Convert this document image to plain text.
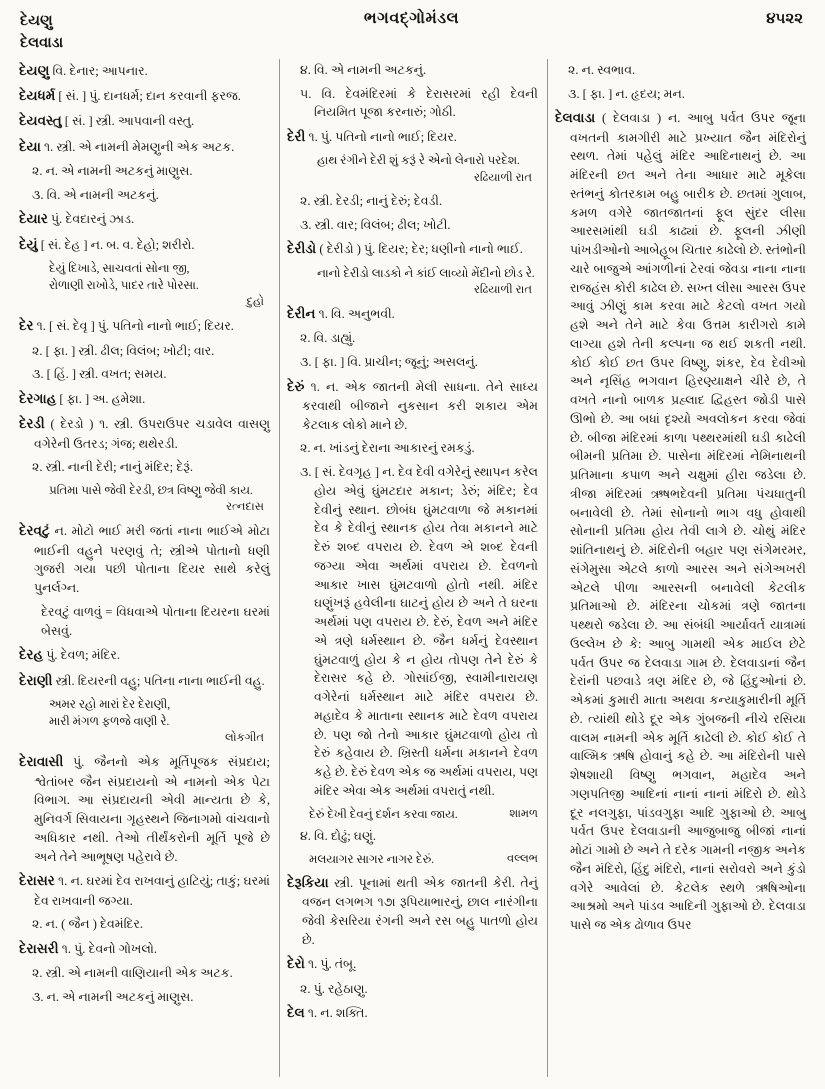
દેયણુ
દેલવાડા
ભગવદ્ગોમંડલ	૪૫૨૨

દેયણુ વિ. દેનાર; આપનાર.

દેયધર્મ [ સં. ] પું. દાનધર્મ; દાન કરવાની ફરજ.

દેયવસ્તુ [ સં. ] સ્ત્રી. આપવાની વસ્તુ.

દેયા ૧. સ્ત્રી. એ નામની મેમણુની એક અટક.

૨. ન. એ નામની અટકનું માણુસ.

૩. વિ. એ નામની અટકનું.

દેયાર પું. દેવદારનું ઝાડ.

દેયું [ સં. દેહ ] ન. બ. વ. દેહો; શરીરો.

દેયું દિખાડે, સાચવતાં સોના જી,
રોળાણી રાખોડે, પાદર તારે પોરસા.
દુહો

દેર ૧. [ સં. દેવૃ ] પું. પતિનો નાનો ભાઈ; દિયર.

૨. [ ફા. ] સ્ત્રી. ઢીલ; વિલંબ; ખોટી; વાર.

૩. [ હિં. ] સ્ત્રી. વખત; સમય.

દેરગાહ [ ફા. ] અ. હમેશા.

દેરડી ( દેરડો ) ૧. સ્ત્રી. ઉપરાઉપર ચડાવેલ વાસણુ વગેરેની ઉતરડ; ગંજ; થથેરડી.

૨. સ્ત્રી. નાની દેરી; નાનું મંદિર; દેરૂં.

પ્રતિમા પાસે જેવી દેરડી, છત્ર વિષ્ણુ જેવી કાય.
રત્નદાસ

દેરવટું ન. મોટો ભાઈ મરી જતાં નાના ભાઈએ મોટા ભાઈની વહુને પરણવું તે; સ્ત્રીએ પોતાનો ધણી ગુજરી ગયા પછી પોતાના દિયર સાથે કરેલું પુનર્લગ્ન.

દેરવટું વાળવું = વિધવાએ પોતાના દિયરના ઘરમાં બેસવું.

દેરહ પું. દેવળ; મંદિર.

દેરાણી સ્ત્રી. દિયરની વહુ; પતિના નાના ભાઈની વહુ.

અમર રહો મારાં દેર દેરાણી,
મારી મંગળ ફળજે વાણી રે.
લોકગીત

દેરાવાસી પું. જૈનનો એક મૂર્તિપૂજક સંપ્રદાય; શ્વેતાંબર જૈન સંપ્રદાયનો એ નામનો એક પેટા વિભાગ. આ સંપ્રદાયની એવી માન્યતા છે કે, મુનિવર્ગ સિવાયના ગૃહસ્થને જિનાગમો વાંચવાનો અધિકાર નથી. તેઓ તીર્થંકરોની મૂર્તિ પૂજે છે અને તેને આભૂષણ પહેરાવે છે.

દેરાસર ૧. ન. ઘરમાં દેવ રાખવાનું હાટિયું; તાકું; ઘરમાં દેવ રાખવાની જગ્યા.

૨. ન. ( જૈન ) દેવમંદિર.

દેરાસરી ૧. પું. દેવનો ગોખલો.

૨. સ્ત્રી. એ નામની વાણિયાની એક અટક.

૩. ન. એ નામની અટકનું માણુસ.

૪. વિ. એ નામની અટકનું.

૫. વિ. દેવમંદિરમાં કે દેરાસરમાં રહી દેવની નિયમિત પૂજા કરનારું; ગોઠી.

દેરી ૧. પું. પતિનો નાનો ભાઈ; દિયર.

હાથ રંગીને દેરી શું કરૂં રે એનો લેનારો પરદેશ.
રઢિયાળી રાત

૨. સ્ત્રી. દેરડી; નાનું દેરું; દેવડી.

૩. સ્ત્રી. વાર; વિલંબ; ઢીલ; ખોટી.

દેરીડો ( દેરીડો ) પું. દિયર; દેર; ધણીનો નાનો ભાઈ.

નાનો દેરીડો લાડકો ને કાંઈ લાવ્યો મેંદીનો છોડ રે.
રઢિયાળી રાત

દેરીન ૧. વિ. અનુભવી.

૨. વિ. ડાહ્યું.

૩. [ ફા. ] વિ. પ્રાચીન; જૂનું; અસલનું.

દેરું ૧. ન. એક જાતની મેલી સાધના. તેને સાધ્ય કરવાથી બીજાને નુકસાન કરી શકાય એમ કેટલાક લોકો માને છે.

૨. ન. ખાંડનું દેરાના આકારનું રમકડું.

૩. [ સં. દેવગૃહ ] ન. દેવ દેવી વગેરેનું સ્થાપન કરેલ હોય એવું ઘુંમટદાર મકાન; ડેરું; મંદિર; દેવ દેવીનું સ્થાન. છોબંધ ઘુંમટવાળા જે મકાનમાં દેવ કે દેવીનું સ્થાનક હોય તેવા મકાનને માટે દેરું શબ્દ વપરાય છે. દેવળ એ શબ્દ દેવની જગ્યા એવા અર્થમાં વપરાય છે. દેવળનો આકાર ખાસ ઘુંમટવાળો હોતો નથી. મંદિર ઘણુંખરૂં હવેલીના ઘાટનું હોય છે અને તે ઘરના અર્થમાં પણ વપરાય છે. દેરું, દેવળ અને મંદિર એ ત્રણે ધર્મસ્થાન છે. જૈન ધર્મનું દેવસ્થાન ઘુંમટવાળું હોય કે ન હોય તોપણ તેને દેરું કે દેરાસર કહે છે. ગોસાંઈજી, સ્વામીનારાયણ વગેરેનાં ધર્મસ્થાન માટે મંદિર વપરાય છે. મહાદેવ કે માતાના સ્થાનક માટે દેવળ વપરાય છે. પણ જો તેનો આકાર ઘુંમટવાળો હોય તો દેરું કહેવાય છે. ખ્રિસ્તી ધર્મના મકાનને દેવળ કહે છે. દેરું દેવળ એક જ અર્થમાં વપરાય, પણ મંદિર એવા એક અર્થમાં વપરાતું નથી.

દેરું દેખી દેવનું દર્શન કરવા જાય.	શામળ

૪. વિ. દોઢું; ઘણું.

મલયાગર સાગર નાગર દેરું.	વલ્લભ

દેરૂકિયા સ્ત્રી. પૂનામાં થતી એક જાતની કેરી. તેનું વજન લગભગ ૧૭ા રૂપિયાભારનું, છાલ નારંગીના જેવી કેસરિયા રંગની અને રસ બહુ પાતળો હોય છે.

દેરો ૧. પું. તંબૂ.

૨. પું. રહેઠાણુ.

દેલ ૧. ન. શક્તિ.

૨. ન. સ્વભાવ.

૩. [ ફા. ] ન. હૃદય; મન.

દેલવાડા ( દેલવાડા ) ન. આબુ પર્વત ઉપર જૂના વખતની કામગીરી માટે પ્રખ્યાત જૈન મંદિરોનું સ્થળ. તેમાં પહેલું મંદિર આદિનાથનું છે. આ મંદિરની છત અને તેના આધાર માટે મૂકેલા સ્તંભનું કોતરકામ બહુ બારીક છે. છતમાં ગુલાબ, કમળ વગેરે જાતજાતનાં ફૂલ સુંદર લીસા આરસમાંથી ઘડી કાઢ્યાં છે. ફૂલની ઝીણી પાંખડીઓનો આબેહૂબ ચિતાર કાઢેલો છે. સ્તંભોની ચારે બાજુએ આંગળીનાં ટેરવાં જેવડા નાના નાના રાજહંસ કોરી કાઢેલ છે. સખ્ત લીસા આરસ ઉપર આવું ઝીણું કામ કરવા માટે કેટલો વખત ગયો હશે અને તેને માટે કેવા ઉત્તમ કારીગરો કામે લાગ્યા હશે તેની કલ્પના જ થઈ શકતી નથી. કોઈ કોઈ છત ઉપર વિષ્ણુ, શંકર, દેવ દેવીઓ અને નૃસિંહ ભગવાન હિરણ્યાક્ષને ચીરે છે, તે વખતે નાનો બાળક પ્રહ્લાદ દ્વિહસ્ત જોડી પાસે ઊભો છે. આ બધાં દૃશ્યો અવલોકન કરવા જેવાં છે. બીજા મંદિરમાં કાળા પથ્થરમાંથી ઘડી કાઢેલી બીમની પ્રતિમા છે. પાસેના મંદિરમાં નેમિનાથની પ્રતિમાના કપાળ અને ચક્ષુમાં હીરા જડેલા છે. ત્રીજા મંદિરમાં ઋષભદેવની પ્રતિમા પંચધાતુની બનાવેલી છે. તેમાં સોનાનો ભાગ વધુ હોવાથી સોનાની પ્રતિમા હોય તેવી લાગે છે. ચોથું મંદિર શાંતિનાથનું છે. મંદિરોની બહાર પણ સંગેમરમર, સંગેમુસા એટલે કાળો આરસ અને સંગેઅખરી એટલે પીળા આરસની બનાવેલી કેટલીક પ્રતિમાઓ છે. મંદિરના ચોકમાં ત્રણે જાતના પથ્થરો જડેલા છે. આ સંબંધી આર્યાવર્ત યાત્રામાં ઉલ્લેખ છે કે: આબુ ગામથી એક માઈલ છેટે પર્વત ઉપર જ દેલવાડા ગામ છે. દેલવાડાનાં જૈન દેરાંની પછવાડે ત્રણ મંદિર છે, જે હિંદુઓનાં છે. એકમાં કુમારી માતા અથવા કન્યાકુમારીની મૂર્તિ છે. ત્યાંથી થોડે દૂર એક ગુંબજની નીચે રસિયા વાલમ નામની એક મૂર્તિ કાઢેલી છે. કોઈ કોઈ તે વાલ્મિક ઋષિ હોવાનું કહે છે. આ મંદિરોની પાસે શેષશાયી વિષ્ણુ ભગવાન, મહાદેવ અને ગણપતિજી આદિનાં નાનાં નાનાં મંદિરો છે. થોડે દૂર નલગુફા, પાંડવગુફા આદિ ગુફાઓ છે. આબુ પર્વત ઉપર દેલવાડાની આજુબાજુ બીજાં નાનાં મોટાં ગામો છે અને તે દરેક ગામની નજીક અનેક જૈન મંદિરો, હિંદુ મંદિરો, નાનાં સરોવરો અને કુંડો વગેરે આવેલાં છે. કેટલેક સ્થળે ઋષિઓના આશ્રમો અને પાંડવ આદિની ગુફાઓ છે. દેલવાડા પાસે જ એક ઢોળાવ ઉપર
